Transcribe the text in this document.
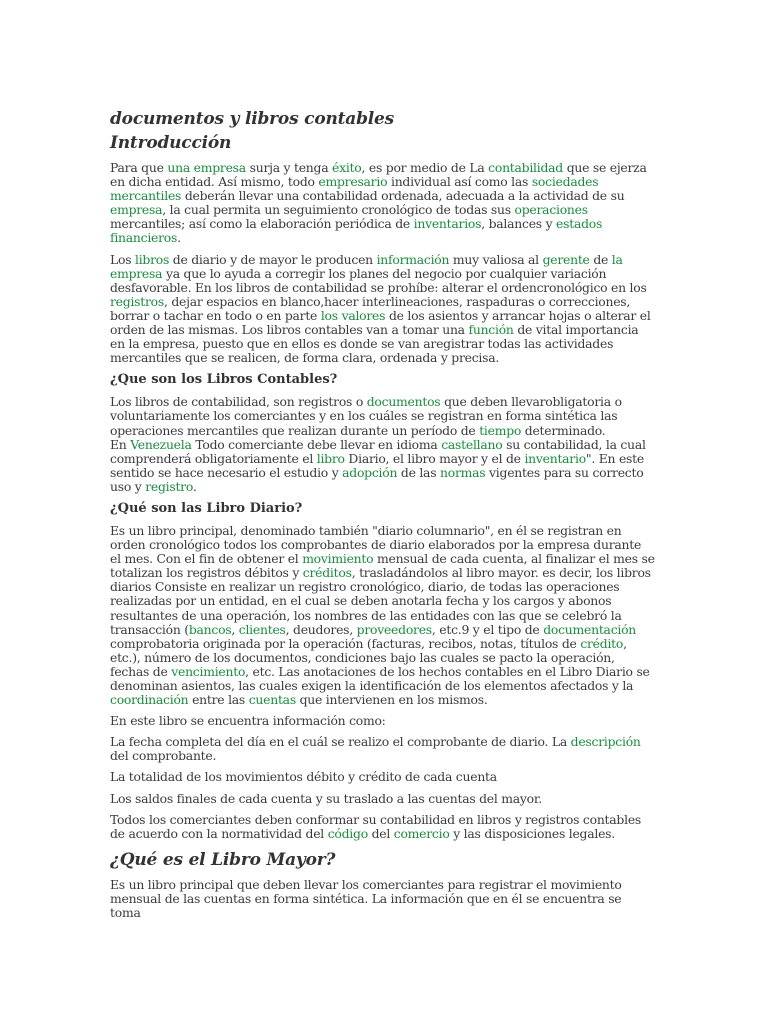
documentos y libros contables
Introducción

Para que una empresa surja y tenga éxito, es por medio de La contabilidad que se ejerza en dicha entidad. Así mismo, todo empresario individual así como las sociedades mercantiles deberán llevar una contabilidad ordenada, adecuada a la actividad de su empresa, la cual permita un seguimiento cronológico de todas sus operaciones mercantiles; así como la elaboración periódica de inventarios, balances y estados financieros.

Los libros de diario y de mayor le producen información muy valiosa al gerente de la empresa ya que lo ayuda a corregir los planes del negocio por cualquier variación desfavorable. En los libros de contabilidad se prohíbe: alterar el ordencronológico en los registros, dejar espacios en blanco,hacer interlineaciones, raspaduras o correcciones, borrar o tachar en todo o en parte los valores de los asientos y arrancar hojas o alterar el orden de las mismas. Los libros contables van a tomar una función de vital importancia en la empresa, puesto que en ellos es donde se van aregistrar todas las actividades mercantiles que se realicen, de forma clara, ordenada y precisa.

¿Que son los Libros Contables?

Los libros de contabilidad, son registros o documentos que deben llevarobligatoria o voluntariamente los comerciantes y en los cuáles se registran en forma sintética las operaciones mercantiles que realizan durante un período de tiempo determinado.
En Venezuela Todo comerciante debe llevar en idioma castellano su contabilidad, la cual comprenderá obligatoriamente el libro Diario, el libro mayor y el de inventario". En este sentido se hace necesario el estudio y adopción de las normas vigentes para su correcto uso y registro.

¿Qué son las Libro Diario?

Es un libro principal, denominado también "diario columnario", en él se registran en orden cronológico todos los comprobantes de diario elaborados por la empresa durante el mes. Con el fin de obtener el movimiento mensual de cada cuenta, al finalizar el mes se totalizan los registros débitos y créditos, trasladándolos al libro mayor. es decir, los libros diarios Consiste en realizar un registro cronológico, diario, de todas las operaciones realizadas por un entidad, en el cual se deben anotarla fecha y los cargos y abonos resultantes de una operación, los nombres de las entidades con las que se celebró la transacción (bancos, clientes, deudores, proveedores, etc.9 y el tipo de documentación comprobatoria originada por la operación (facturas, recibos, notas, títulos de crédito, etc.), número de los documentos, condiciones bajo las cuales se pacto la operación, fechas de vencimiento, etc. Las anotaciones de los hechos contables en el Libro Diario se denominan asientos, las cuales exigen la identificación de los elementos afectados y la coordinación entre las cuentas que intervienen en los mismos.

En este libro se encuentra información como:

La fecha completa del día en el cuál se realizo el comprobante de diario. La descripción del comprobante.

La totalidad de los movimientos débito y crédito de cada cuenta

Los saldos finales de cada cuenta y su traslado a las cuentas del mayor.

Todos los comerciantes deben conformar su contabilidad en libros y registros contables de acuerdo con la normatividad del código del comercio y las disposiciones legales.

¿Qué es el Libro Mayor?

Es un libro principal que deben llevar los comerciantes para registrar el movimiento mensual de las cuentas en forma sintética. La información que en él se encuentra se toma
